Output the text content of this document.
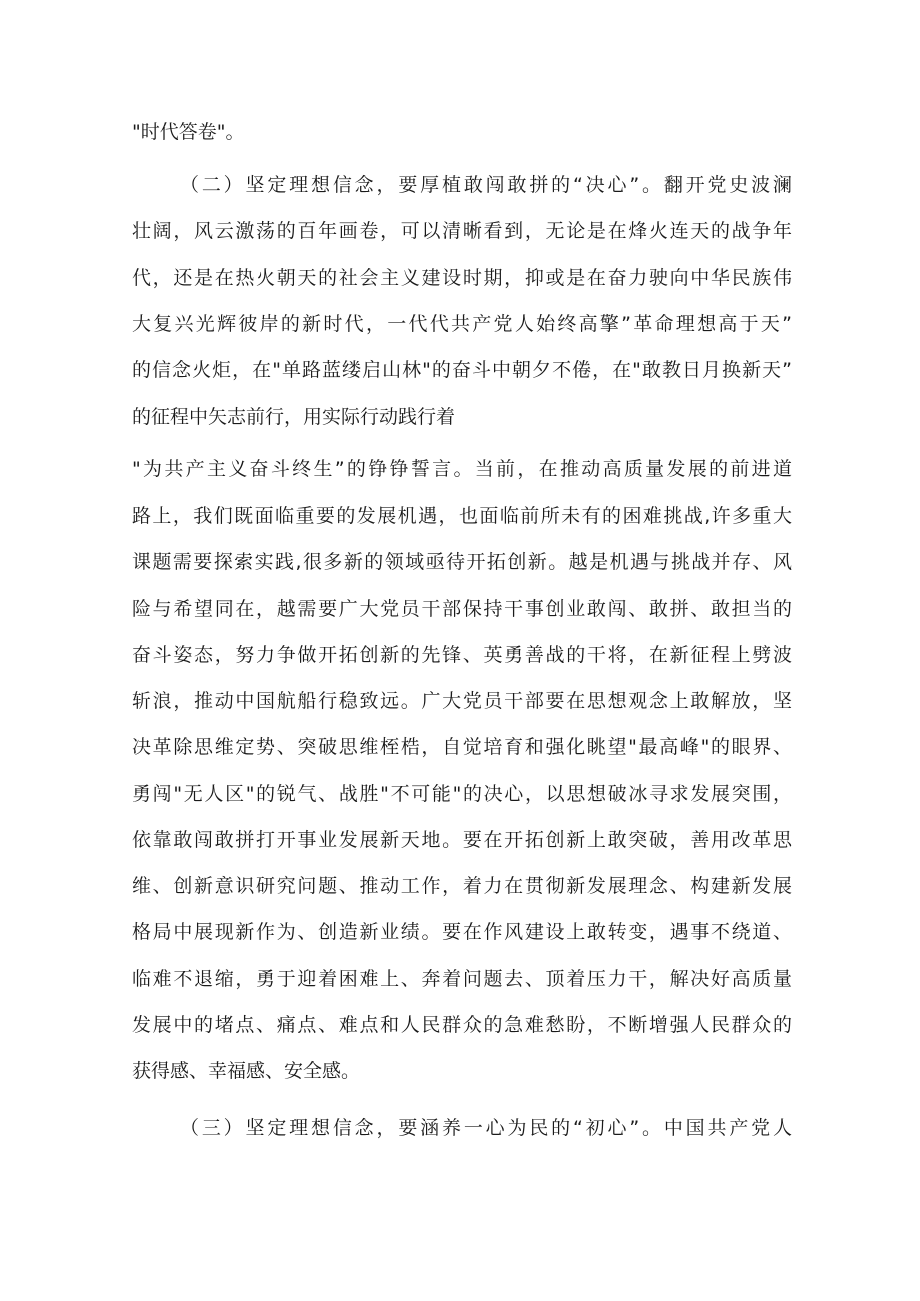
"时代答卷"。
（二）坚定理想信念，要厚植敢闯敢拼的“决心”。翻开党史波澜
壮阔，风云激荡的百年画卷，可以清晰看到，无论是在烽火连天的战争年
代，还是在热火朝天的社会主义建设时期，抑或是在奋力驶向中华民族伟
大复兴光辉彼岸的新时代，一代代共产党人始终高擎”革命理想高于天”
的信念火炬，在"单路蓝缕启山林"的奋斗中朝夕不倦，在"敢教日月换新天”
的征程中矢志前行，用实际行动践行着
"为共产主义奋斗终生”的铮铮誓言。当前，在推动高质量发展的前进道
路上，我们既面临重要的发展机遇，也面临前所未有的困难挑战,许多重大
课题需要探索实践,很多新的领域亟待开拓创新。越是机遇与挑战并存、风
险与希望同在，越需要广大党员干部保持干事创业敢闯、敢拼、敢担当的
奋斗姿态，努力争做开拓创新的先锋、英勇善战的干将，在新征程上劈波
斩浪，推动中国航船行稳致远。广大党员干部要在思想观念上敢解放，坚
决革除思维定势、突破思维桎梏，自觉培育和强化眺望"最高峰"的眼界、
勇闯"无人区"的锐气、战胜"不可能"的决心，以思想破冰寻求发展突围，
依靠敢闯敢拼打开事业发展新天地。要在开拓创新上敢突破，善用改革思
维、创新意识研究问题、推动工作，着力在贯彻新发展理念、构建新发展
格局中展现新作为、创造新业绩。要在作风建设上敢转变，遇事不绕道、
临难不退缩，勇于迎着困难上、奔着问题去、顶着压力干，解决好高质量
发展中的堵点、痛点、难点和人民群众的急难愁盼，不断增强人民群众的
获得感、幸福感、安全感。
（三）坚定理想信念，要涵养一心为民的“初心”。中国共产党人
